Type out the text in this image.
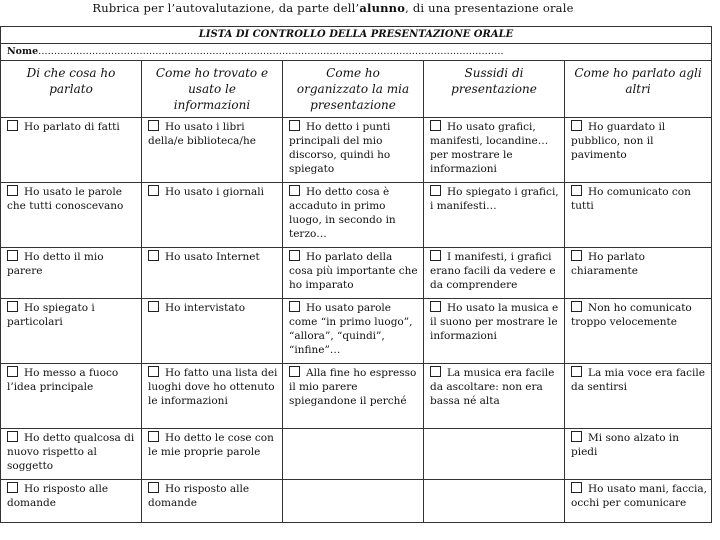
Rubrica per l’autovalutazione, da parte dell’alunno, di una presentazione orale
LISTA DI CONTROLLO DELLA PRESENTAZIONE ORALE				
Nome…………………………………………………………………………………………………………………………………				
Di che cosa ho parlato	Come ho trovato e usato le informazioni	Come ho organizzato la mia presentazione	Sussidi di presentazione	Come ho parlato agli altri
Ho parlato di fatti	Ho usato i libri della/e biblioteca/he	Ho detto i punti principali del mio discorso, quindi ho spiegato	Ho usato grafici, manifesti, locandine… per mostrare le informazioni	Ho guardato il pubblico, non il pavimento
Ho usato le parole che tutti conoscevano	Ho usato i giornali	Ho detto cosa è accaduto in primo luogo, in secondo in terzo…	Ho spiegato i grafici, i manifesti…	Ho comunicato con tutti
Ho detto il mio parere	Ho usato Internet	Ho parlato della cosa più importante che ho imparato	I manifesti, i grafici erano facili da vedere e da comprendere	Ho parlato chiaramente
Ho spiegato i particolari	Ho intervistato	Ho usato parole come “in primo luogo”, “allora”, “quindi”, “infine”…	Ho usato la musica e il suono per mostrare le informazioni	Non ho comunicato troppo velocemente
Ho messo a fuoco l’idea principale	Ho fatto una lista dei luoghi dove ho ottenuto le informazioni	Alla fine ho espresso il mio parere spiegandone il perché	La musica era facile da ascoltare: non era bassa né alta	La mia voce era facile da sentirsi
Ho detto qualcosa di nuovo rispetto al soggetto	Ho detto le cose con le mie proprie parole			Mi sono alzato in piedi
Ho risposto alle domande	Ho risposto alle domande			Ho usato mani, faccia, occhi per comunicare
